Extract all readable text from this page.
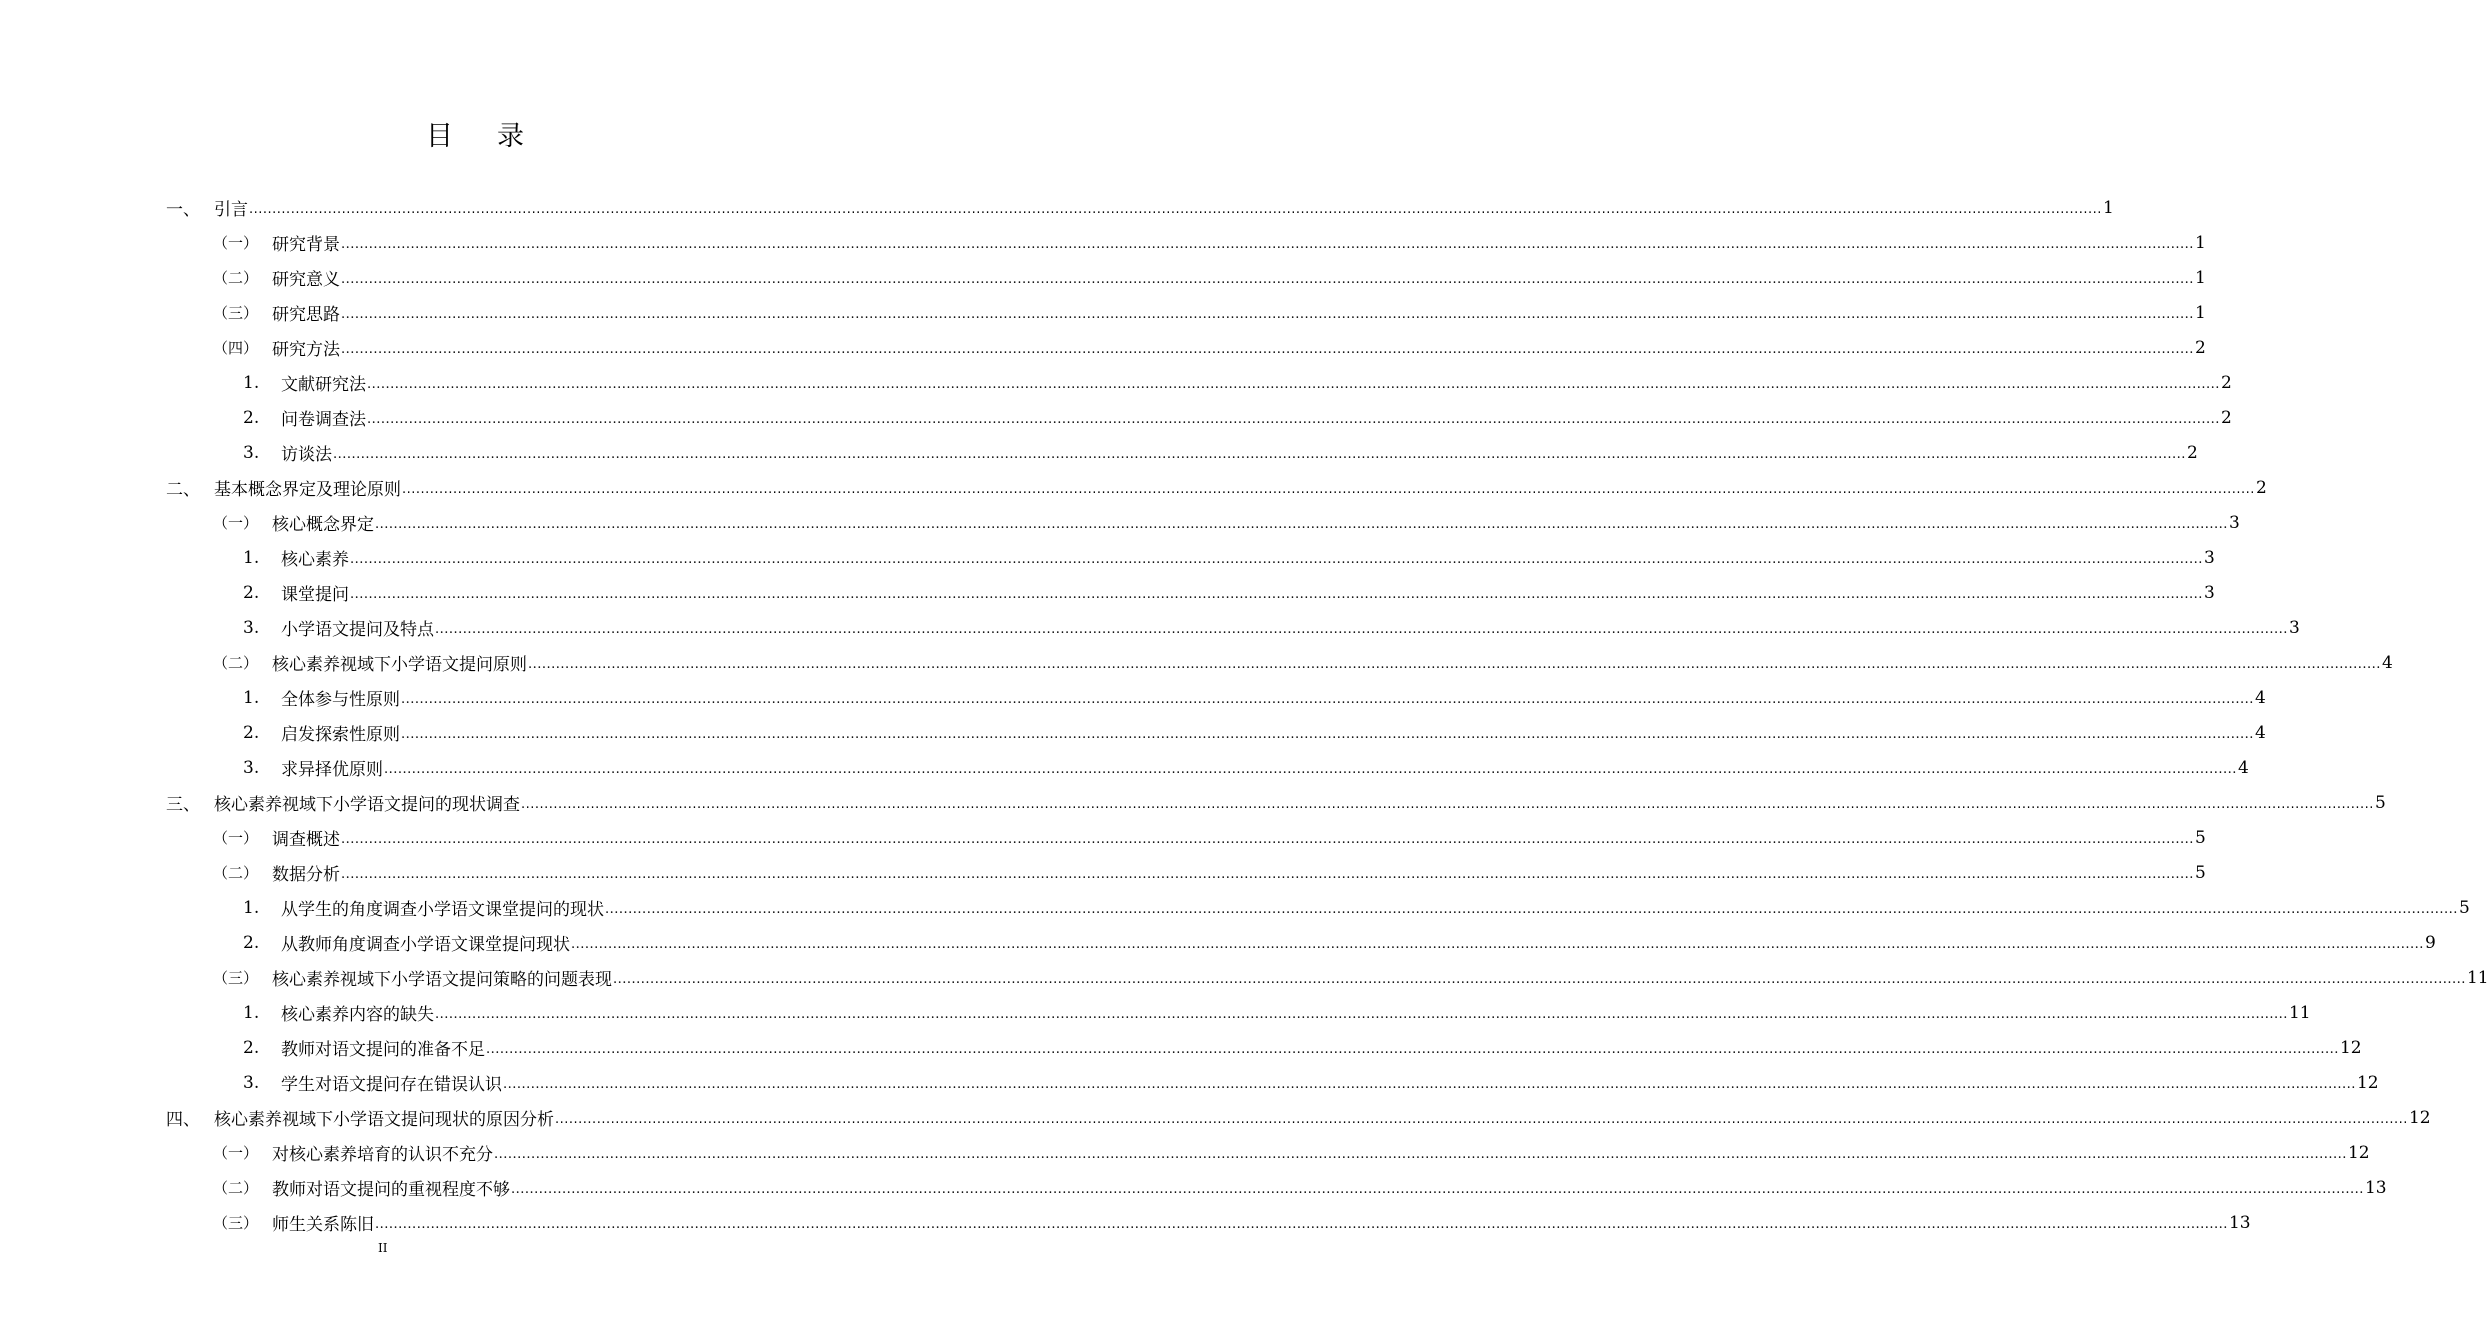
目 录
一、 引言 ................................................................................................................................................................................................................................................................................................................................................................................................................ 1
（一） 研究背景 ................................................................................................................................................................................................................................................................................................................................................................................................................ 1
（二） 研究意义 ................................................................................................................................................................................................................................................................................................................................................................................................................ 1
（三） 研究思路 ................................................................................................................................................................................................................................................................................................................................................................................................................ 1
（四） 研究方法 ................................................................................................................................................................................................................................................................................................................................................................................................................ 2
1.	文献研究法 ................................................................................................................................................................................................................................................................................................................................................................................................................ 2
2.	问卷调查法 ................................................................................................................................................................................................................................................................................................................................................................................................................ 2
3.	访谈法 ................................................................................................................................................................................................................................................................................................................................................................................................................ 2
二、 基本概念界定及理论原则 ................................................................................................................................................................................................................................................................................................................................................................................................................ 2
（一） 核心概念界定 ................................................................................................................................................................................................................................................................................................................................................................................................................ 3
1.	核心素养 ................................................................................................................................................................................................................................................................................................................................................................................................................ 3
2.	课堂提问 ................................................................................................................................................................................................................................................................................................................................................................................................................ 3
3.	小学语文提问及特点 ................................................................................................................................................................................................................................................................................................................................................................................................................ 3
（二） 核心素养视域下小学语文提问原则 ................................................................................................................................................................................................................................................................................................................................................................................................................ 4
1.	全体参与性原则 ................................................................................................................................................................................................................................................................................................................................................................................................................ 4
2.	启发探索性原则 ................................................................................................................................................................................................................................................................................................................................................................................................................ 4
3.	求异择优原则 ................................................................................................................................................................................................................................................................................................................................................................................................................ 4
三、 核心素养视域下小学语文提问的现状调查 ................................................................................................................................................................................................................................................................................................................................................................................................................ 5
（一） 调查概述 ................................................................................................................................................................................................................................................................................................................................................................................................................ 5
（二） 数据分析 ................................................................................................................................................................................................................................................................................................................................................................................................................ 5
1.	从学生的角度调查小学语文课堂提问的现状 ................................................................................................................................................................................................................................................................................................................................................................................................................ 5
2.	从教师角度调查小学语文课堂提问现状 ................................................................................................................................................................................................................................................................................................................................................................................................................ 9
（三） 核心素养视域下小学语文提问策略的问题表现 ................................................................................................................................................................................................................................................................................................................................................................................................................ 11
1.	核心素养内容的缺失 ................................................................................................................................................................................................................................................................................................................................................................................................................ 11
2.	教师对语文提问的准备不足 ................................................................................................................................................................................................................................................................................................................................................................................................................ 12
3.	学生对语文提问存在错误认识 ................................................................................................................................................................................................................................................................................................................................................................................................................ 12
四、 核心素养视域下小学语文提问现状的原因分析 ................................................................................................................................................................................................................................................................................................................................................................................................................ 12
（一） 对核心素养培育的认识不充分 ................................................................................................................................................................................................................................................................................................................................................................................................................ 12
（二） 教师对语文提问的重视程度不够 ................................................................................................................................................................................................................................................................................................................................................................................................................ 13
（三） 师生关系陈旧 ................................................................................................................................................................................................................................................................................................................................................................................................................ 13
II
